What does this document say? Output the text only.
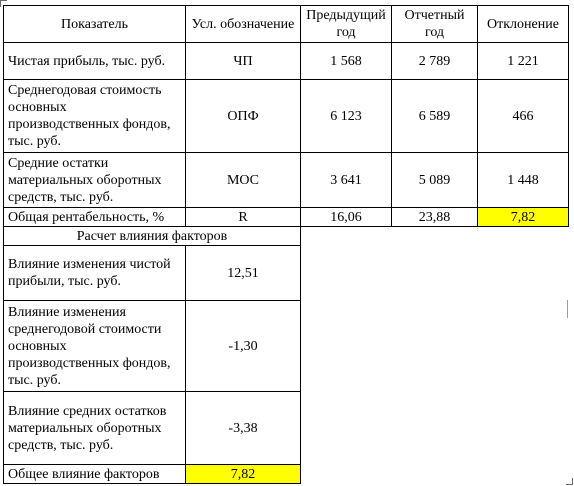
Показатель	Усл. обозначение	Предыдущий год	Отчетный год	Отклонение
Чистая прибыль, тыс. руб.	ЧП	1 568	2 789	1 221
Среднегодовая стоимость основных производственных фондов, тыс. руб.	ОПФ	6 123	6 589	466
Средние остатки материальных оборотных средств, тыс. руб.	МОС	3 641	5 089	1 448
Общая рентабельность, %	R	16,06	23,88	7,82
Расчет влияния факторов				
Влияние изменения чистой прибыли, тыс. руб.	12,51			
Влияние изменения среднегодовой стоимости основных производственных фондов, тыс. руб.	-1,30			
Влияние средних остатков материальных оборотных средств, тыс. руб.	-3,38			
Общее влияние факторов	7,82			
